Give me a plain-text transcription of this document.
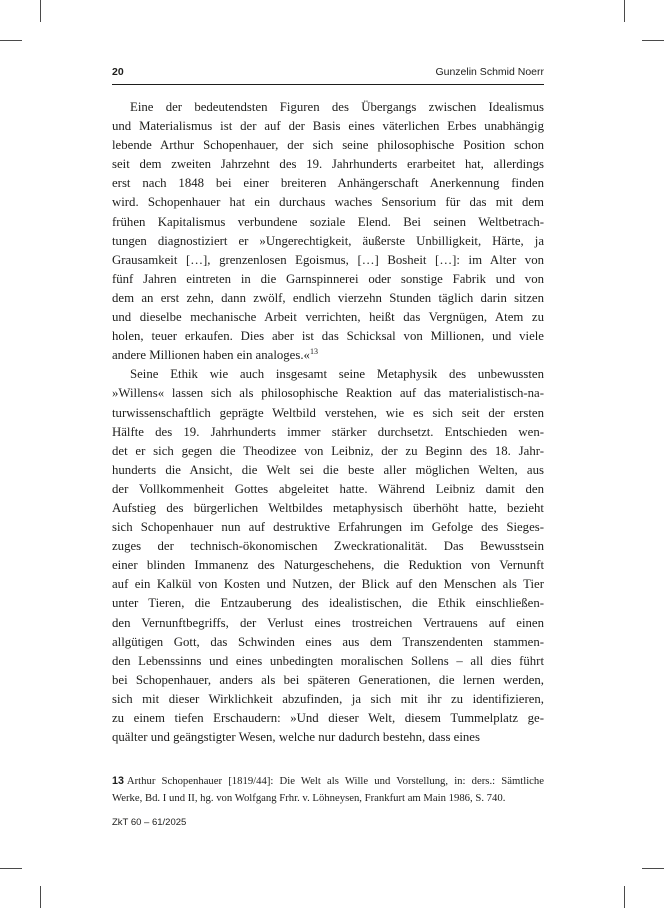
20	Gunzelin Schmid Noerr
Eine der bedeutendsten Figuren des Übergangs zwischen Idealismus
und Materialismus ist der auf der Basis eines väterlichen Erbes unabhängig
lebende Arthur Schopenhauer, der sich seine philosophische Position schon
seit dem zweiten Jahrzehnt des 19. Jahrhunderts erarbeitet hat, allerdings
erst nach 1848 bei einer breiteren Anhängerschaft Anerkennung finden
wird. Schopenhauer hat ein durchaus waches Sensorium für das mit dem
frühen Kapitalismus verbundene soziale Elend. Bei seinen Weltbetrach-
tungen diagnostiziert er »Ungerechtigkeit, äußerste Unbilligkeit, Härte, ja
Grausamkeit […], grenzenlosen Egoismus, […] Bosheit […]: im Alter von
fünf Jahren eintreten in die Garnspinnerei oder sonstige Fabrik und von
dem an erst zehn, dann zwölf, endlich vierzehn Stunden täglich darin sitzen
und dieselbe mechanische Arbeit verrichten, heißt das Vergnügen, Atem zu
holen, teuer erkaufen. Dies aber ist das Schicksal von Millionen, und viele
andere Millionen haben ein analoges.«$^{13}$
Seine Ethik wie auch insgesamt seine Metaphysik des unbewussten
»Willens« lassen sich als philosophische Reaktion auf das materialistisch-na-
turwissenschaftlich geprägte Weltbild verstehen, wie es sich seit der ersten
Hälfte des 19. Jahrhunderts immer stärker durchsetzt. Entschieden wen-
det er sich gegen die Theodizee von Leibniz, der zu Beginn des 18. Jahr-
hunderts die Ansicht, die Welt sei die beste aller möglichen Welten, aus
der Vollkommenheit Gottes abgeleitet hatte. Während Leibniz damit den
Aufstieg des bürgerlichen Weltbildes metaphysisch überhöht hatte, bezieht
sich Schopenhauer nun auf destruktive Erfahrungen im Gefolge des Sieges-
zuges der technisch-ökonomischen Zweckrationalität. Das Bewusstsein
einer blinden Immanenz des Naturgeschehens, die Reduktion von Vernunft
auf ein Kalkül von Kosten und Nutzen, der Blick auf den Menschen als Tier
unter Tieren, die Entzauberung des idealistischen, die Ethik einschließen-
den Vernunftbegriffs, der Verlust eines trostreichen Vertrauens auf einen
allgütigen Gott, das Schwinden eines aus dem Transzendenten stammen-
den Lebenssinns und eines unbedingten moralischen Sollens – all dies führt
bei Schopenhauer, anders als bei späteren Generationen, die lernen werden,
sich mit dieser Wirklichkeit abzufinden, ja sich mit ihr zu identifizieren,
zu einem tiefen Erschaudern: »Und dieser Welt, diesem Tummelplatz ge-
quälter und geängstigter Wesen, welche nur dadurch bestehn, dass eines
13 Arthur Schopenhauer [1819/44]: Die Welt als Wille und Vorstellung, in: ders.: Sämtliche
Werke, Bd. I und II, hg. von Wolfgang Frhr. v. Löhneysen, Frankfurt am Main 1986, S. 740.
ZkT 60 – 61/2025
